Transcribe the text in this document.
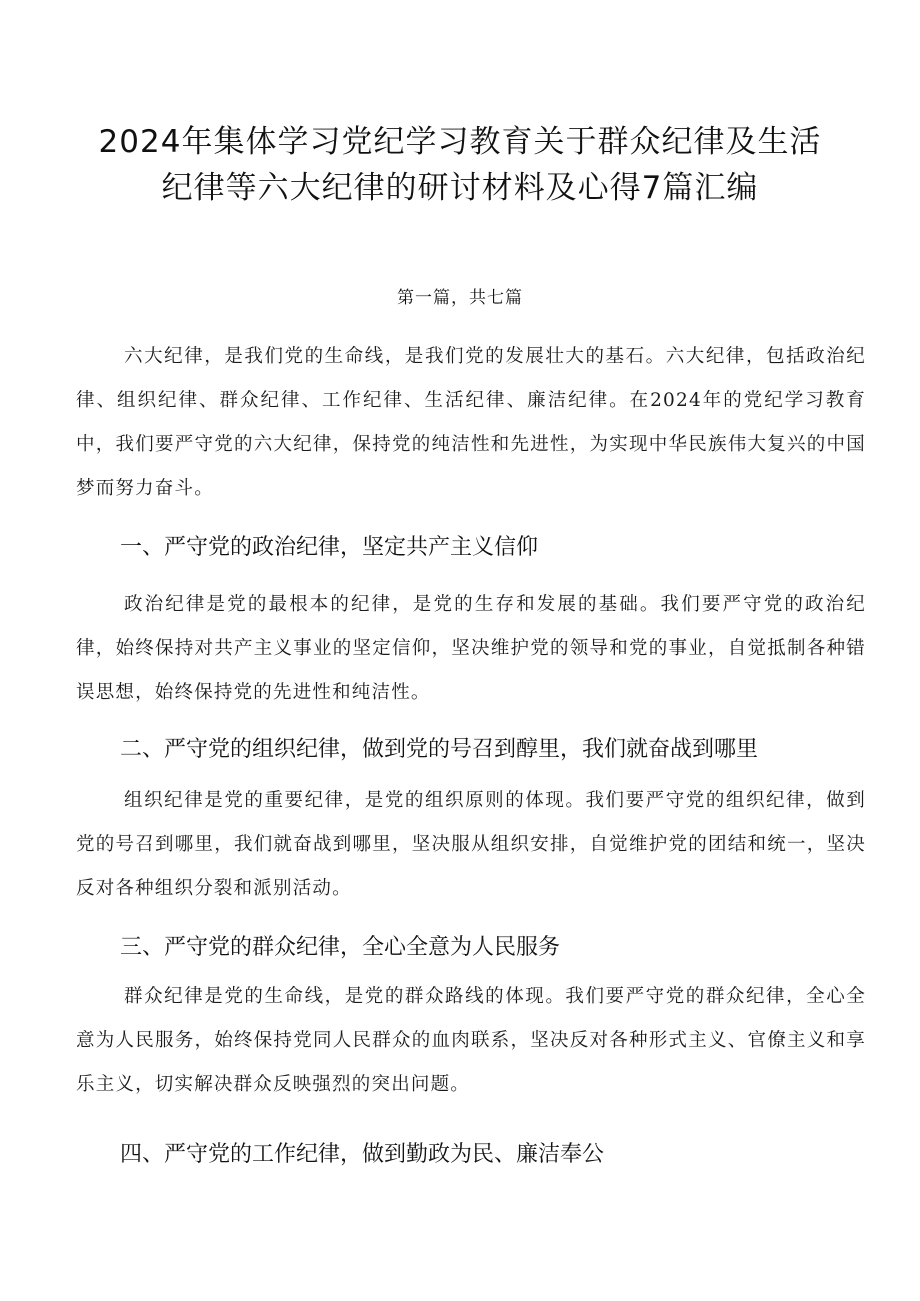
2024年集体学习党纪学习教育关于群众纪律及生活
纪律等六大纪律的研讨材料及心得7篇汇编
第一篇，共七篇

六大纪律，是我们党的生命线，是我们党的发展壮大的基石。六大纪律，包括政治纪律、组织纪律、群众纪律、工作纪律、生活纪律、廉洁纪律。在2024年的党纪学习教育中，我们要严守党的六大纪律，保持党的纯洁性和先进性，为实现中华民族伟大复兴的中国梦而努力奋斗。

一、严守党的政治纪律，坚定共产主义信仰

政治纪律是党的最根本的纪律，是党的生存和发展的基础。我们要严守党的政治纪律，始终保持对共产主义事业的坚定信仰，坚决维护党的领导和党的事业，自觉抵制各种错误思想，始终保持党的先进性和纯洁性。

二、严守党的组织纪律，做到党的号召到醇里，我们就奋战到哪里

组织纪律是党的重要纪律，是党的组织原则的体现。我们要严守党的组织纪律，做到党的号召到哪里，我们就奋战到哪里，坚决服从组织安排，自觉维护党的团结和统一，坚决反对各种组织分裂和派别活动。

三、严守党的群众纪律，全心全意为人民服务

群众纪律是党的生命线，是党的群众路线的体现。我们要严守党的群众纪律，全心全意为人民服务，始终保持党同人民群众的血肉联系，坚决反对各种形式主义、官僚主义和享乐主义，切实解决群众反映强烈的突出问题。

四、严守党的工作纪律，做到勤政为民、廉洁奉公
